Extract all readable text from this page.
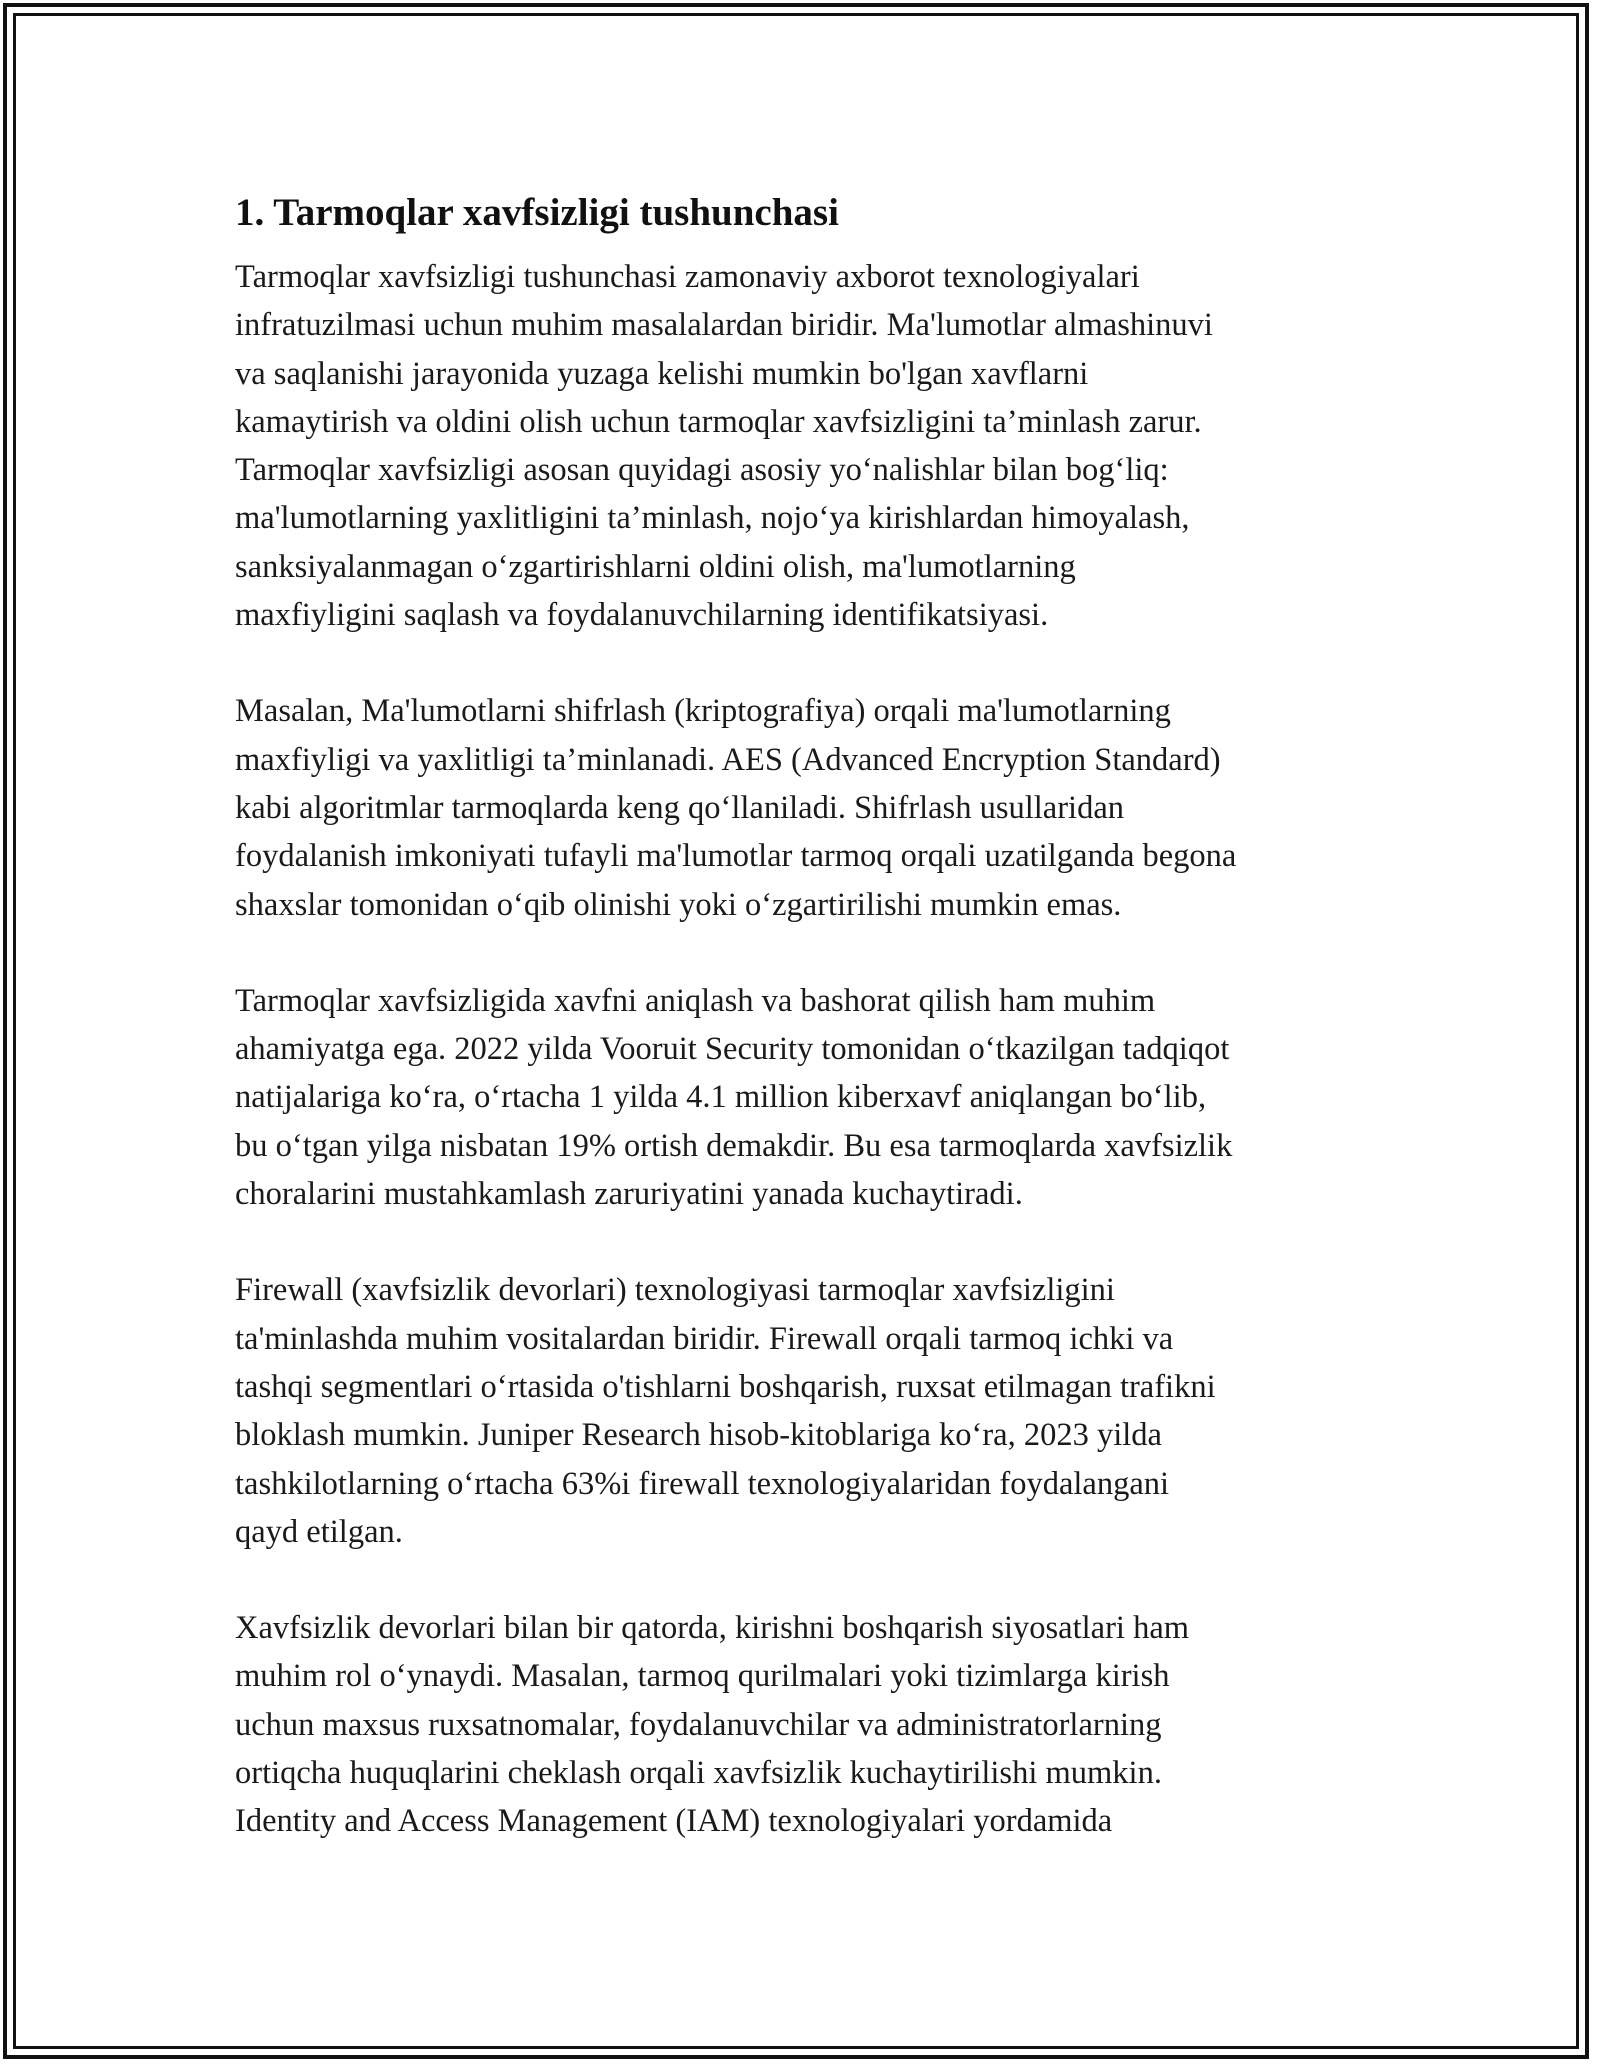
1. Tarmoqlar xavfsizligi tushunchasi

Tarmoqlar xavfsizligi tushunchasi zamonaviy axborot texnologiyalari
infratuzilmasi uchun muhim masalalardan biridir. Ma'lumotlar almashinuvi
va saqlanishi jarayonida yuzaga kelishi mumkin bo'lgan xavflarni
kamaytirish va oldini olish uchun tarmoqlar xavfsizligini ta’minlash zarur.
Tarmoqlar xavfsizligi asosan quyidagi asosiy yo‘nalishlar bilan bog‘liq:
ma'lumotlarning yaxlitligini ta’minlash, nojo‘ya kirishlardan himoyalash,
sanksiyalanmagan o‘zgartirishlarni oldini olish, ma'lumotlarning
maxfiyligini saqlash va foydalanuvchilarning identifikatsiyasi.

Masalan, Ma'lumotlarni shifrlash (kriptografiya) orqali ma'lumotlarning
maxfiyligi va yaxlitligi ta’minlanadi. AES (Advanced Encryption Standard)
kabi algoritmlar tarmoqlarda keng qo‘llaniladi. Shifrlash usullaridan
foydalanish imkoniyati tufayli ma'lumotlar tarmoq orqali uzatilganda begona
shaxslar tomonidan o‘qib olinishi yoki o‘zgartirilishi mumkin emas.

Tarmoqlar xavfsizligida xavfni aniqlash va bashorat qilish ham muhim
ahamiyatga ega. 2022 yilda Vooruit Security tomonidan o‘tkazilgan tadqiqot
natijalariga ko‘ra, o‘rtacha 1 yilda 4.1 million kiberxavf aniqlangan bo‘lib,
bu o‘tgan yilga nisbatan 19% ortish demakdir. Bu esa tarmoqlarda xavfsizlik
choralarini mustahkamlash zaruriyatini yanada kuchaytiradi.

Firewall (xavfsizlik devorlari) texnologiyasi tarmoqlar xavfsizligini
ta'minlashda muhim vositalardan biridir. Firewall orqali tarmoq ichki va
tashqi segmentlari o‘rtasida o'tishlarni boshqarish, ruxsat etilmagan trafikni
bloklash mumkin. Juniper Research hisob-kitoblariga ko‘ra, 2023 yilda
tashkilotlarning o‘rtacha 63%i firewall texnologiyalaridan foydalangani
qayd etilgan.

Xavfsizlik devorlari bilan bir qatorda, kirishni boshqarish siyosatlari ham
muhim rol o‘ynaydi. Masalan, tarmoq qurilmalari yoki tizimlarga kirish
uchun maxsus ruxsatnomalar, foydalanuvchilar va administratorlarning
ortiqcha huquqlarini cheklash orqali xavfsizlik kuchaytirilishi mumkin.
Identity and Access Management (IAM) texnologiyalari yordamida
